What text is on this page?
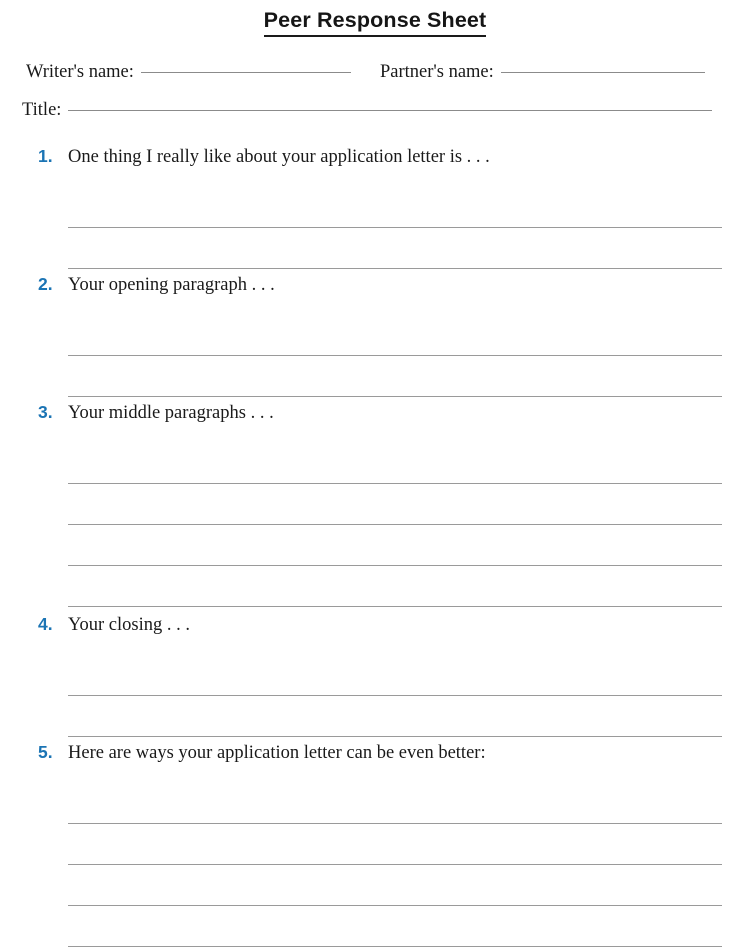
Peer Response Sheet
Writer's name:	Partner's name:
Title:
1. One thing I really like about your application letter is . . .
2. Your opening paragraph . . .
3. Your middle paragraphs . . .
4. Your closing . . .
5. Here are ways your application letter can be even better:
